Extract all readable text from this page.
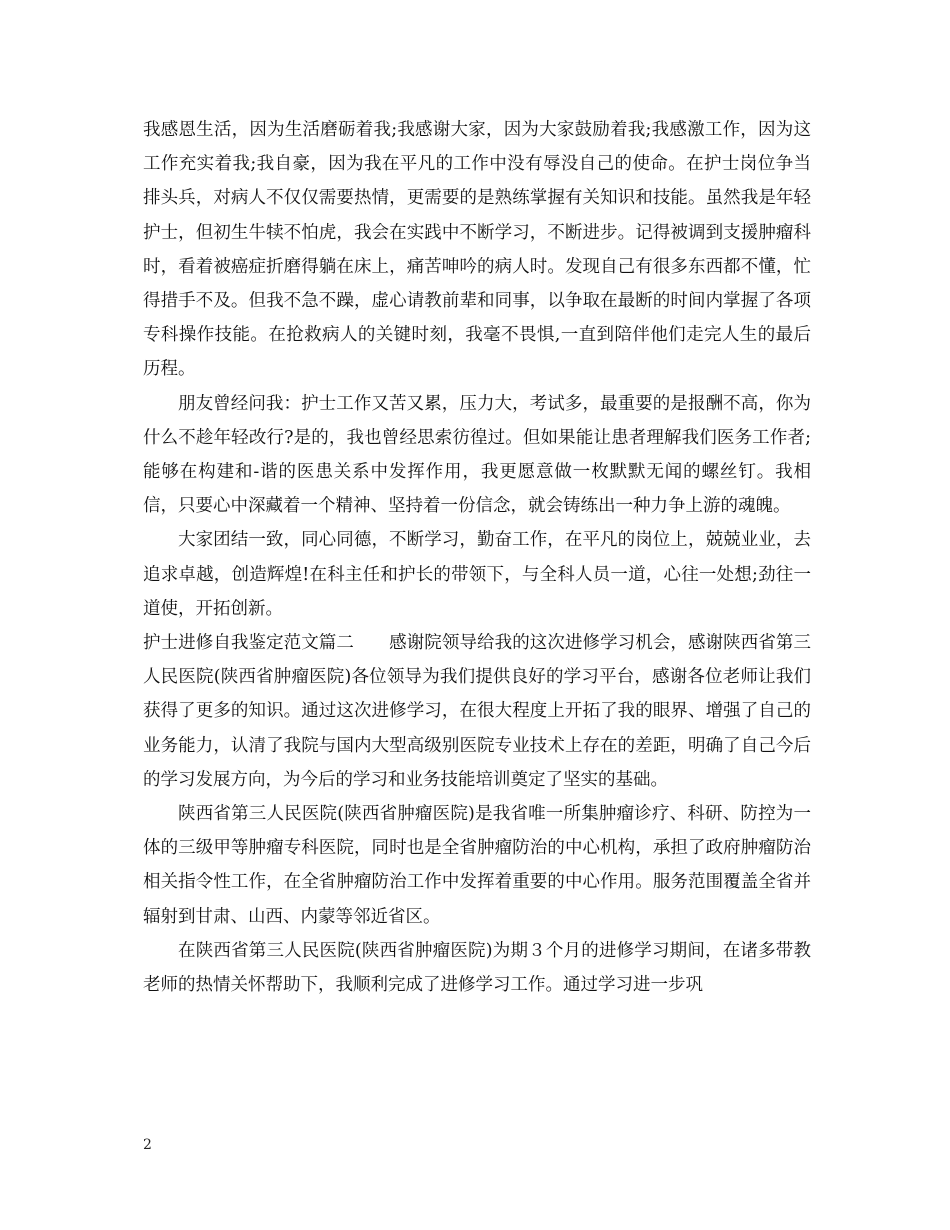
我感恩生活，因为生活磨砺着我;我感谢大家，因为大家鼓励着我;我感激工作，因为这工作充实着我;我自豪，因为我在平凡的工作中没有辱没自己的使命。在护士岗位争当排头兵，对病人不仅仅需要热情，更需要的是熟练掌握有关知识和技能。虽然我是年轻护士，但初生牛犊不怕虎，我会在实践中不断学习，不断进步。记得被调到支援肿瘤科时，看着被癌症折磨得躺在床上，痛苦呻吟的病人时。发现自己有很多东西都不懂，忙得措手不及。但我不急不躁，虚心请教前辈和同事，以争取在最断的时间内掌握了各项专科操作技能。在抢救病人的关键时刻，我毫不畏惧,一直到陪伴他们走完人生的最后历程。

朋友曾经问我：护士工作又苦又累，压力大，考试多，最重要的是报酬不高，你为什么不趁年轻改行?是的，我也曾经思索彷徨过。但如果能让患者理解我们医务工作者;能够在构建和-谐的医患关系中发挥作用，我更愿意做一枚默默无闻的螺丝钉。我相信，只要心中深藏着一个精神、坚持着一份信念，就会铸练出一种力争上游的魂魄。

大家团结一致，同心同德，不断学习，勤奋工作，在平凡的岗位上，兢兢业业，去追求卓越，创造辉煌!在科主任和护长的带领下，与全科人员一道，心往一处想;劲往一道使，开拓创新。

护士进修自我鉴定范文篇二　　感谢院领导给我的这次进修学习机会，感谢陕西省第三人民医院(陕西省肿瘤医院)各位领导为我们提供良好的学习平台，感谢各位老师让我们获得了更多的知识。通过这次进修学习，在很大程度上开拓了我的眼界、增强了自己的业务能力，认清了我院与国内大型高级别医院专业技术上存在的差距，明确了自己今后的学习发展方向，为今后的学习和业务技能培训奠定了坚实的基础。

陕西省第三人民医院(陕西省肿瘤医院)是我省唯一所集肿瘤诊疗、科研、防控为一体的三级甲等肿瘤专科医院，同时也是全省肿瘤防治的中心机构，承担了政府肿瘤防治相关指令性工作，在全省肿瘤防治工作中发挥着重要的中心作用。服务范围覆盖全省并辐射到甘肃、山西、内蒙等邻近省区。

在陕西省第三人民医院(陕西省肿瘤医院)为期３个月的进修学习期间，在诸多带教老师的热情关怀帮助下，我顺利完成了进修学习工作。通过学习进一步巩

2
